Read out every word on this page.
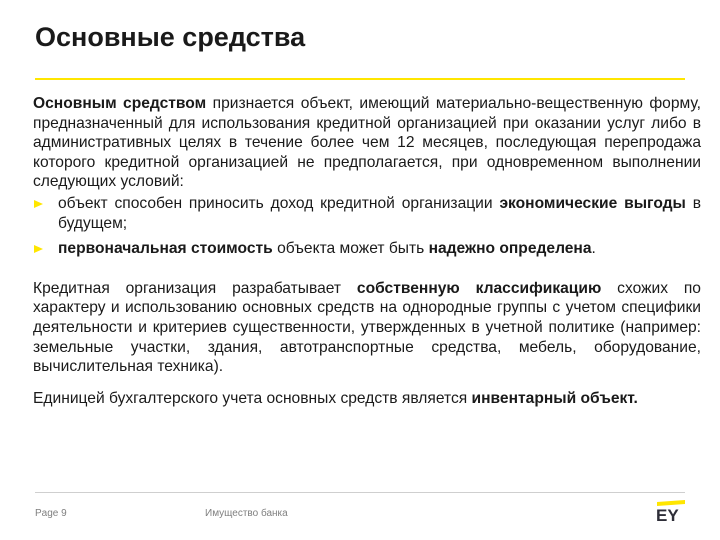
Основные средства

Основным средством признается объект, имеющий материально-вещественную форму, предназначенный для использования кредитной организацией при оказании услуг либо в административных целях в течение более чем 12 месяцев, последующая перепродажа которого кредитной организацией не предполагается, при одновременном выполнении следующих условий:

объект способен приносить доход кредитной организации экономические выгоды в будущем;
первоначальная стоимость объекта может быть надежно определена.

Кредитная организация разрабатывает собственную классификацию схожих по характеру и использованию основных средств на однородные группы с учетом специфики деятельности и критериев существенности, утвержденных в учетной политике (например: земельные участки, здания, автотранспортные средства, мебель, оборудование, вычислительная техника).

Единицей бухгалтерского учета основных средств является инвентарный объект.

Page 9	Имущество банка	EY
